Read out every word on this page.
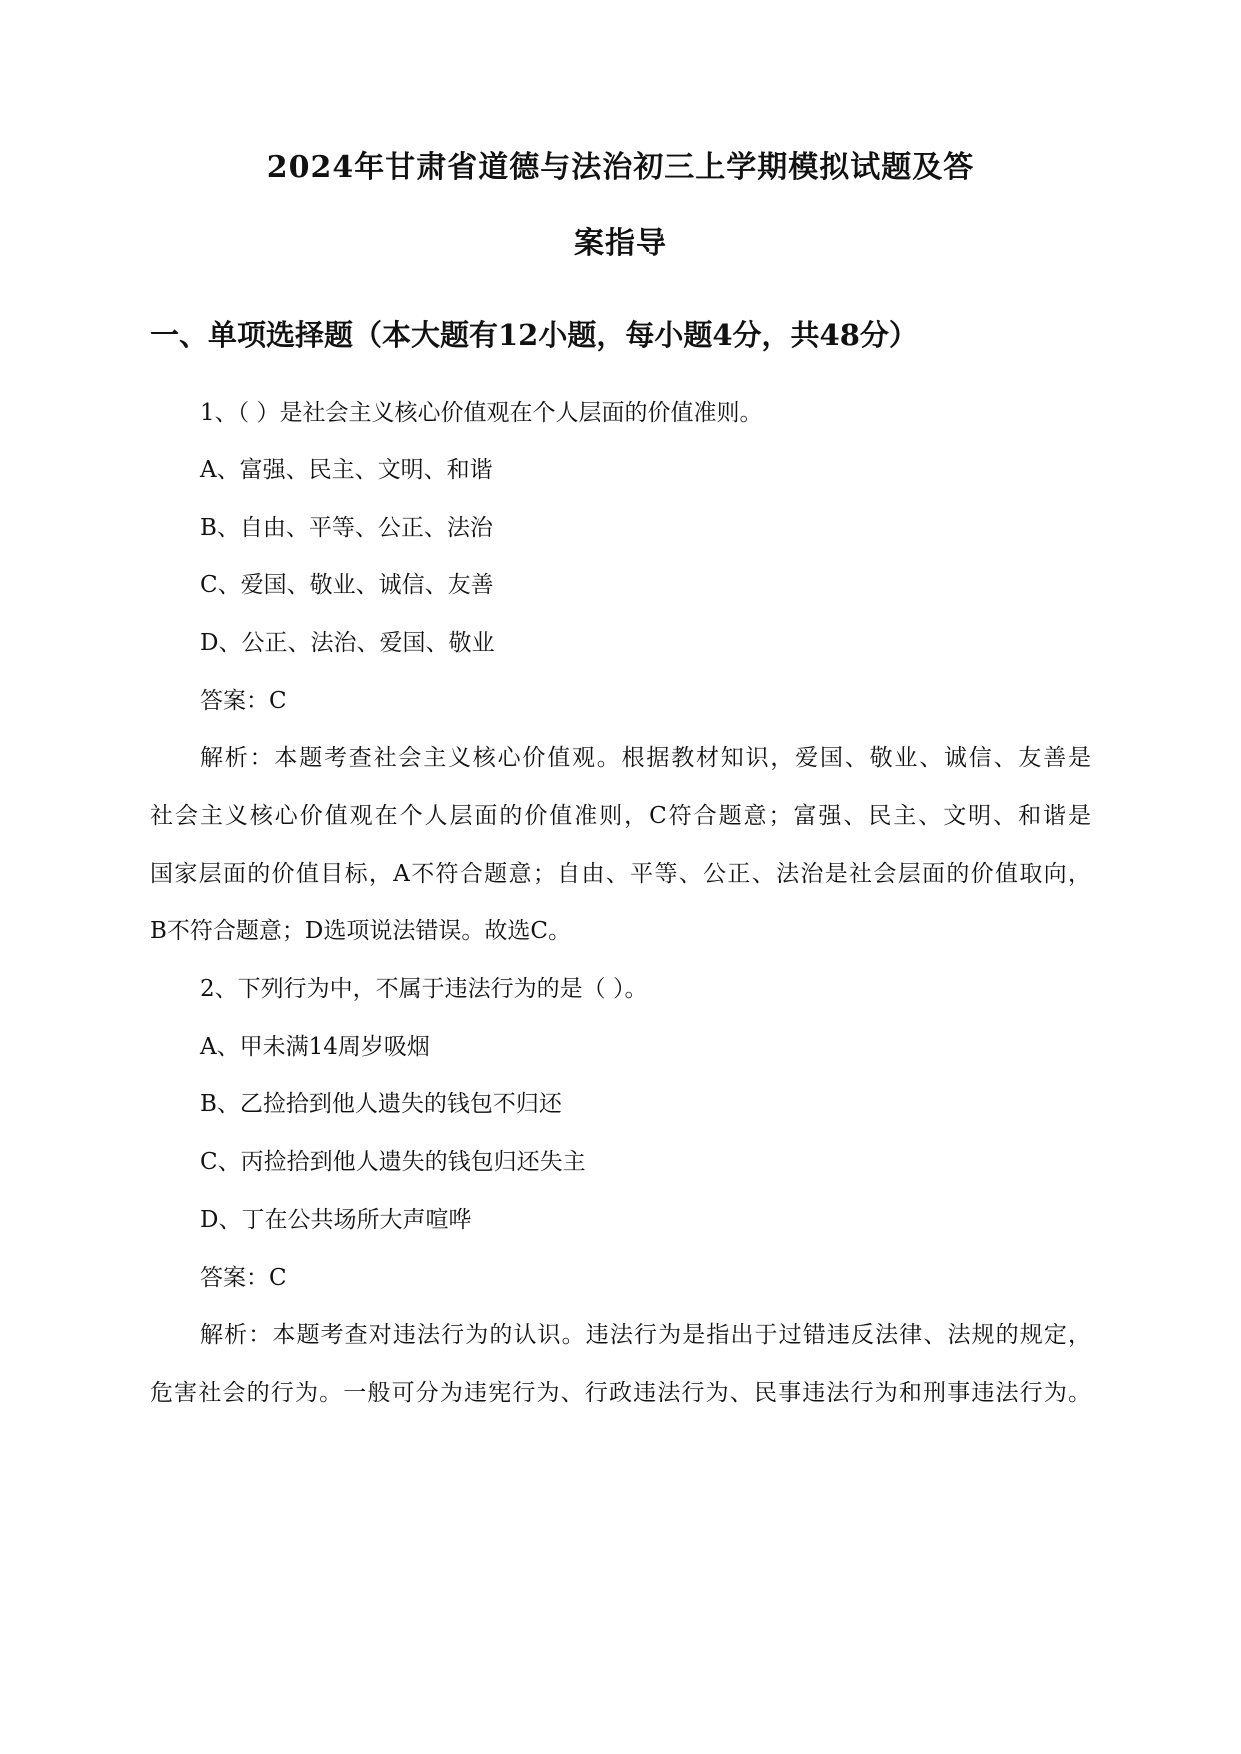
2024年甘肃省道德与法治初三上学期模拟试题及答
案指导
一、单项选择题（本大题有12小题，每小题4分，共48分）
1、（ ）是社会主义核心价值观在个人层面的价值准则。
A、富强、民主、文明、和谐
B、自由、平等、公正、法治
C、爱国、敬业、诚信、友善
D、公正、法治、爱国、敬业
答案：C
解析：本题考查社会主义核心价值观。根据教材知识，爱国、敬业、诚信、友善是
社会主义核心价值观在个人层面的价值准则，C符合题意；富强、民主、文明、和谐是
国家层面的价值目标，A不符合题意；自由、平等、公正、法治是社会层面的价值取向，
B不符合题意；D选项说法错误。故选C。
2、下列行为中，不属于违法行为的是（ ）。
A、甲未满14周岁吸烟
B、乙捡拾到他人遗失的钱包不归还
C、丙捡拾到他人遗失的钱包归还失主
D、丁在公共场所大声喧哗
答案：C
解析：本题考查对违法行为的认识。违法行为是指出于过错违反法律、法规的规定，
危害社会的行为。一般可分为违宪行为、行政违法行为、民事违法行为和刑事违法行为。
